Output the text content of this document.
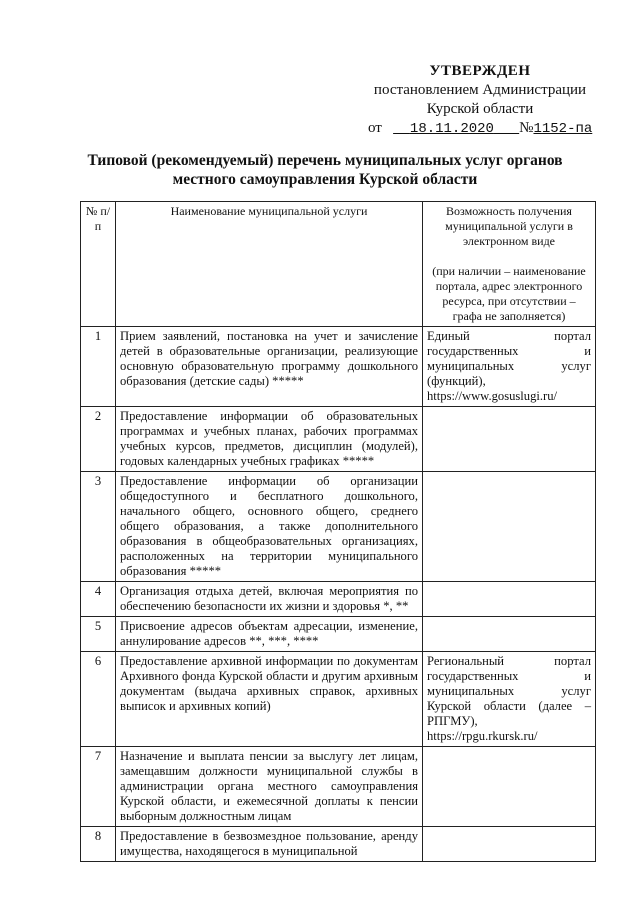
УТВЕРЖДЕН
постановлением Администрации
Курской области
от 18.11.2020 №1152-па
Типовой (рекомендуемый) перечень муниципальных услуг органов
местного самоуправления Курской области
№ п/п	Наименование муниципальной услуги	Возможность получения муниципальной услуги в электронном виде
(при наличии – наименование портала, адрес электронного ресурса, при отсутствии – графа не заполняется)

1	Прием заявлений, постановка на учет и зачисление детей в образовательные организации, реализующие основную образовательную программу дошкольного образования (детские сады) *****	Единый портал государственных и муниципальных услуг (функций), https://www.gosuslugi.ru/
2	Предоставление информации об образовательных программах и учебных планах, рабочих программах учебных курсов, предметов, дисциплин (модулей), годовых календарных учебных графиках *****	
3	Предоставление информации об организации общедоступного и бесплатного дошкольного, начального общего, основного общего, среднего общего образования, а также дополнительного образования в общеобразовательных организациях, расположенных на территории муниципального образования *****	
4	Организация отдыха детей, включая мероприятия по обеспечению безопасности их жизни и здоровья *, **	
5	Присвоение адресов объектам адресации, изменение, аннулирование адресов **, ***, ****	
6	Предоставление архивной информации по документам Архивного фонда Курской области и другим архивным документам (выдача архивных справок, архивных выписок и архивных копий)	Региональный портал государственных и муниципальных услуг Курской области (далее – РПГМУ), https://rpgu.rkursk.ru/
7	Назначение и выплата пенсии за выслугу лет лицам, замещавшим должности муниципальной службы в администрации органа местного самоуправления Курской области, и ежемесячной доплаты к пенсии выборным должностным лицам	
8	Предоставление в безвозмездное пользование, аренду имущества, находящегося в муниципальной	
